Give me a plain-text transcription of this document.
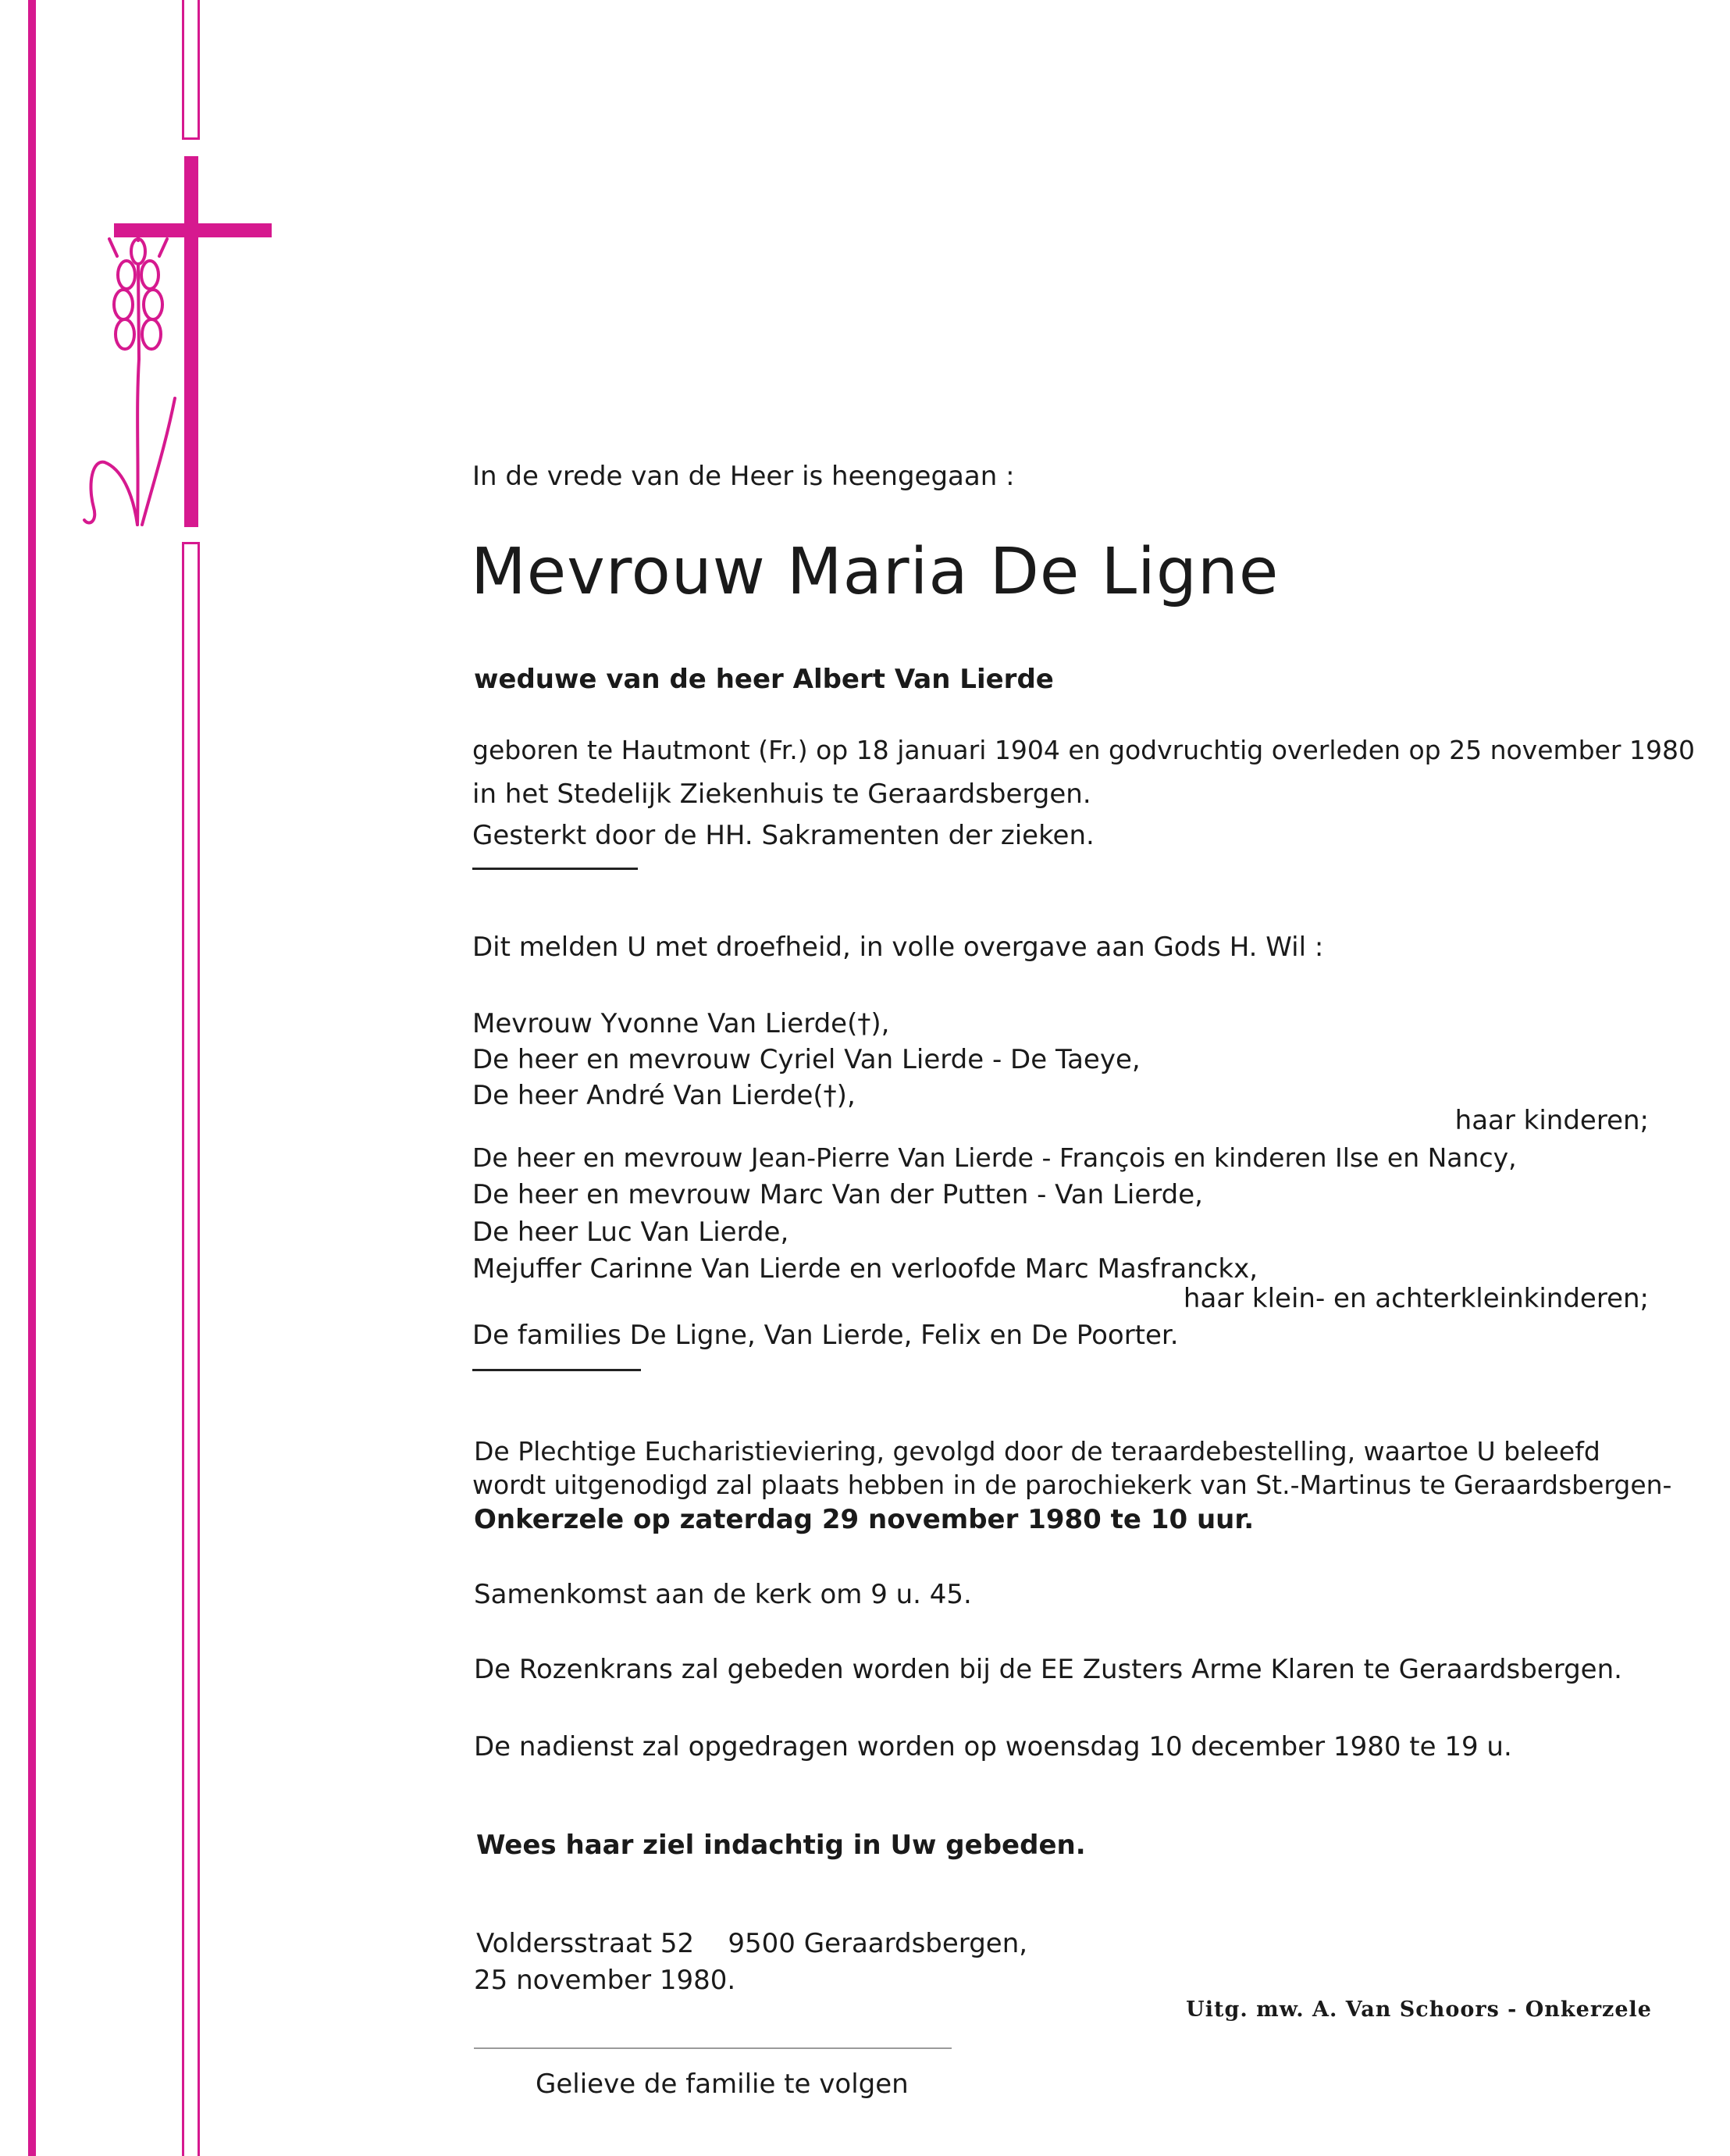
In de vrede van de Heer is heengegaan :
Mevrouw Maria De Ligne
weduwe van de heer Albert Van Lierde
geboren te Hautmont (Fr.) op 18 januari 1904 en godvruchtig overleden op 25 november 1980
in het Stedelijk Ziekenhuis te Geraardsbergen.
Gesterkt door de HH. Sakramenten der zieken.
Dit melden U met droefheid, in volle overgave aan Gods H. Wil :
Mevrouw Yvonne Van Lierde(†),
De heer en mevrouw Cyriel Van Lierde - De Taeye,
De heer André Van Lierde(†),
haar kinderen;
De heer en mevrouw Jean-Pierre Van Lierde - François en kinderen Ilse en Nancy,
De heer en mevrouw Marc Van der Putten - Van Lierde,
De heer Luc Van Lierde,
Mejuffer Carinne Van Lierde en verloofde Marc Masfranckx,
haar klein- en achterkleinkinderen;
De families De Ligne, Van Lierde, Felix en De Poorter.
De Plechtige Eucharistieviering, gevolgd door de teraardebestelling, waartoe U beleefd
wordt uitgenodigd zal plaats hebben in de parochiekerk van St.-Martinus te Geraardsbergen-
Onkerzele op zaterdag 29 november 1980 te 10 uur.
Samenkomst aan de kerk om 9 u. 45.
De Rozenkrans zal gebeden worden bij de EE Zusters Arme Klaren te Geraardsbergen.
De nadienst zal opgedragen worden op woensdag 10 december 1980 te 19 u.
Wees haar ziel indachtig in Uw gebeden.
Voldersstraat 52    9500 Geraardsbergen,
25 november 1980.
Uitg. mw. A. Van Schoors - Onkerzele
Gelieve de familie te volgen
